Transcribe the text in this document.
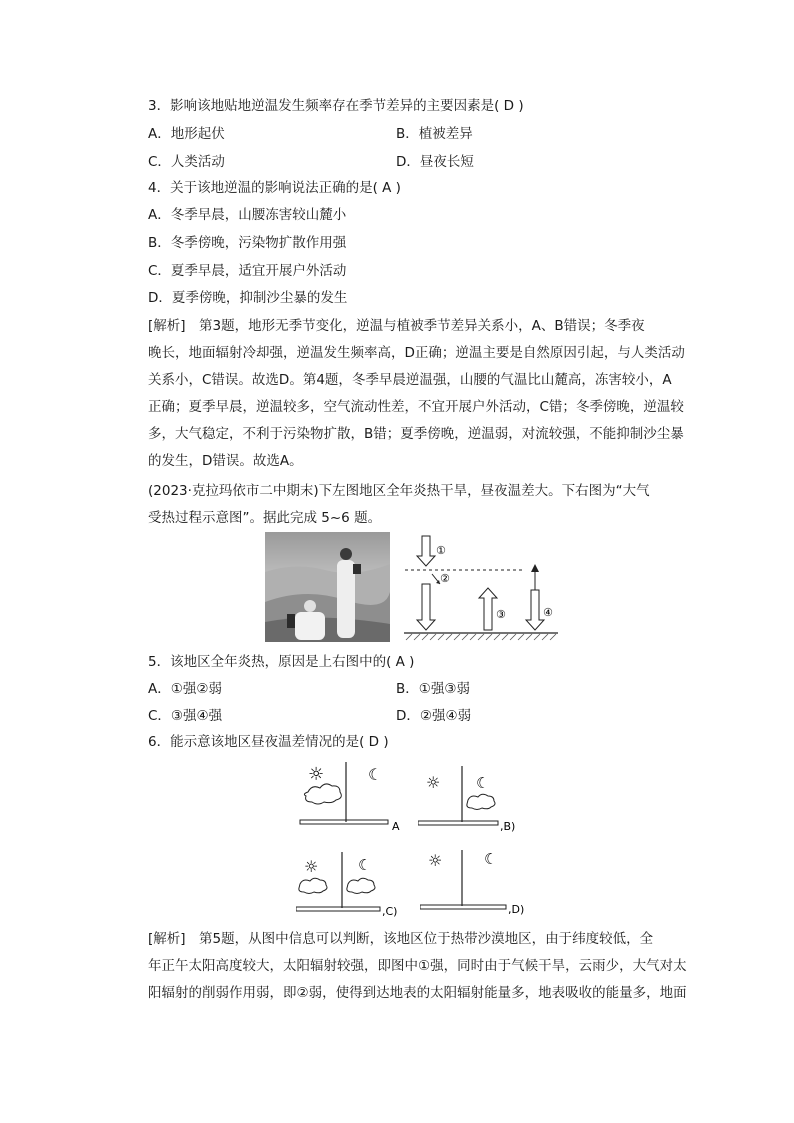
3．影响该地贴地逆温发生频率存在季节差异的主要因素是( D )
A．地形起伏	B．植被差异
C．人类活动	D．昼夜长短
4．关于该地逆温的影响说法正确的是( A )
A．冬季早晨，山腰冻害较山麓小
B．冬季傍晚，污染物扩散作用强
C．夏季早晨，适宜开展户外活动
D．夏季傍晚，抑制沙尘暴的发生
[解析]　第3题，地形无季节变化，逆温与植被季节差异关系小，A、B错误；冬季夜
晚长，地面辐射冷却强，逆温发生频率高，D正确；逆温主要是自然原因引起，与人类活动
关系小，C错误。故选D。第4题，冬季早晨逆温强，山腰的气温比山麓高，冻害较小，A
正确；夏季早晨，逆温较多，空气流动性差，不宜开展户外活动，C错；冬季傍晚，逆温较
多，大气稳定，不利于污染物扩散，B错；夏季傍晚，逆温弱，对流较强，不能抑制沙尘暴
的发生，D错误。故选A。
(2023·克拉玛依市二中期末)下左图地区全年炎热干旱，昼夜温差大。下右图为“大气
受热过程示意图”。据此完成 5~6 题。
①
②
③	④
5．该地区全年炎热，原因是上右图中的( A )
A．①强②弱	B．①强③弱
C．③强④强	D．②强④弱
6．能示意该地区昼夜温差情况的是( D )
☼	☾
A
☼ ☾
,B)
☼	☾
,C)
☼	☾
,D)
[解析]　第5题，从图中信息可以判断，该地区位于热带沙漠地区，由于纬度较低，全
年正午太阳高度较大，太阳辐射较强，即图中①强，同时由于气候干旱，云雨少，大气对太
阳辐射的削弱作用弱，即②弱，使得到达地表的太阳辐射能量多，地表吸收的能量多，地面
